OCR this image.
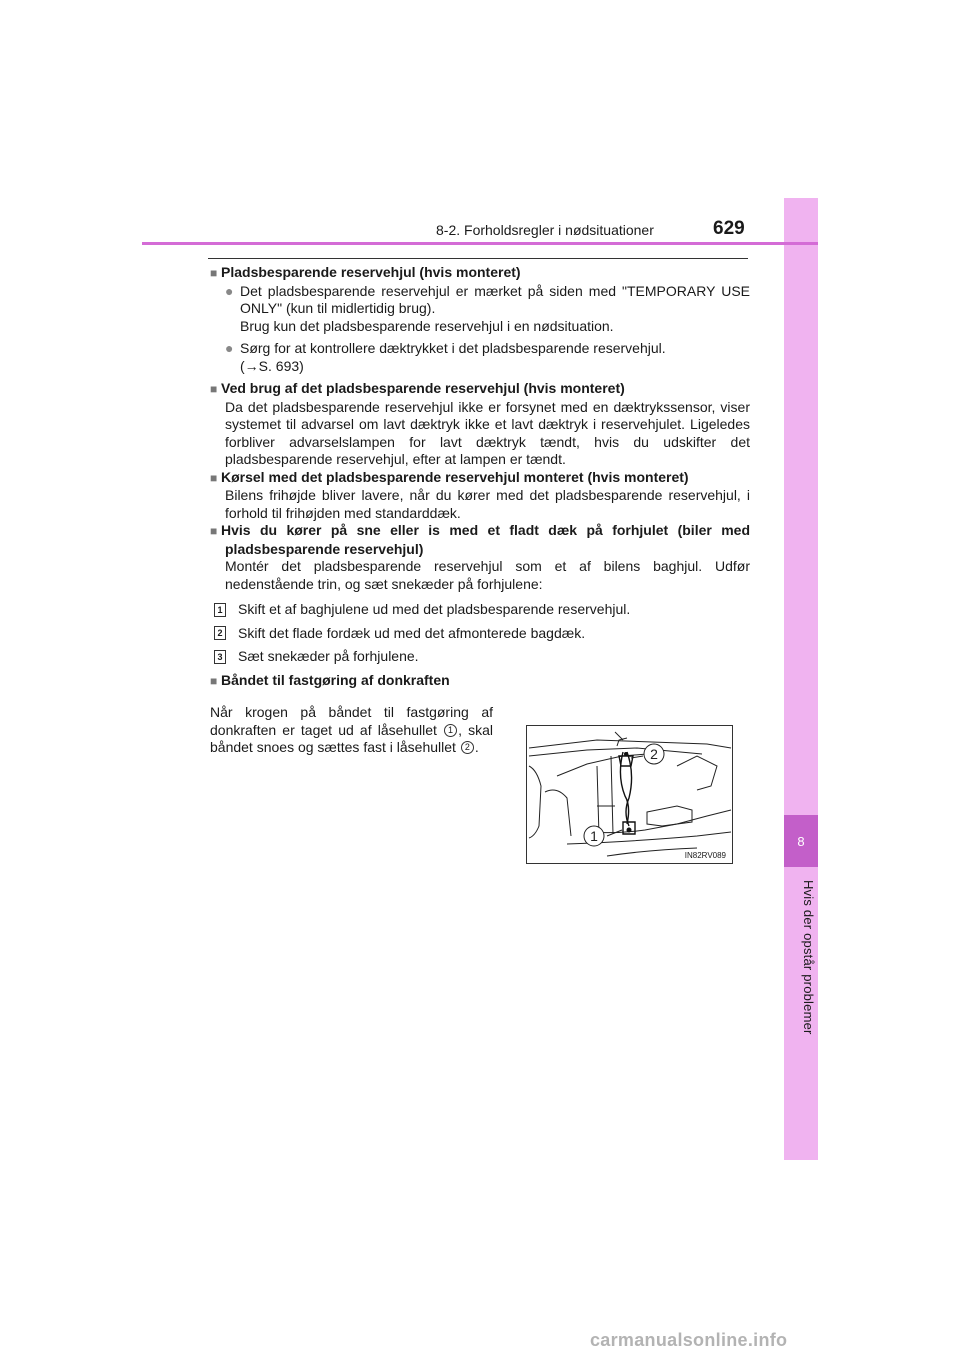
8
Hvis der opstår problemer
8-2. Forholdsregler i nødsituationer	629

■ Pladsbesparende reservehjul (hvis monteret)

● Det pladsbesparende reservehjul er mærket på siden med "TEMPORARY USE ONLY" (kun til midlertidig brug).

Brug kun det pladsbesparende reservehjul i en nødsituation.

● Sørg for at kontrollere dæktrykket i det pladsbesparende reservehjul.

(→S. 693)

■ Ved brug af det pladsbesparende reservehjul (hvis monteret)

Da det pladsbesparende reservehjul ikke er forsynet med en dæktrykssensor, viser systemet til advarsel om lavt dæktryk ikke et lavt dæktryk i reservehjulet. Ligeledes forbliver advarselslampen for lavt dæktryk tændt, hvis du udskifter det pladsbesparende reservehjul, efter at lampen er tændt.

■ Kørsel med det pladsbesparende reservehjul monteret (hvis monteret)

Bilens frihøjde bliver lavere, når du kører med det pladsbesparende reservehjul, i forhold til frihøjden med standarddæk.

■ Hvis du kører på sne eller is med et fladt dæk på forhjulet (biler med pladsbesparende reservehjul)

Montér det pladsbesparende reservehjul som et af bilens baghjul. Udfør nedenstående trin, og sæt snekæder på forhjulene:

1 Skift et af baghjulene ud med det pladsbesparende reservehjul.
2 Skift det flade fordæk ud med det afmonterede bagdæk.
3 Sæt snekæder på forhjulene.

■ Båndet til fastgøring af donkraften

Når krogen på båndet til fastgøring af donkraften er taget ud af låsehullet 1 , skal båndet snoes og sættes fast i låsehullet 2 .

1
2
IN82RV089
carmanualsonline.info
